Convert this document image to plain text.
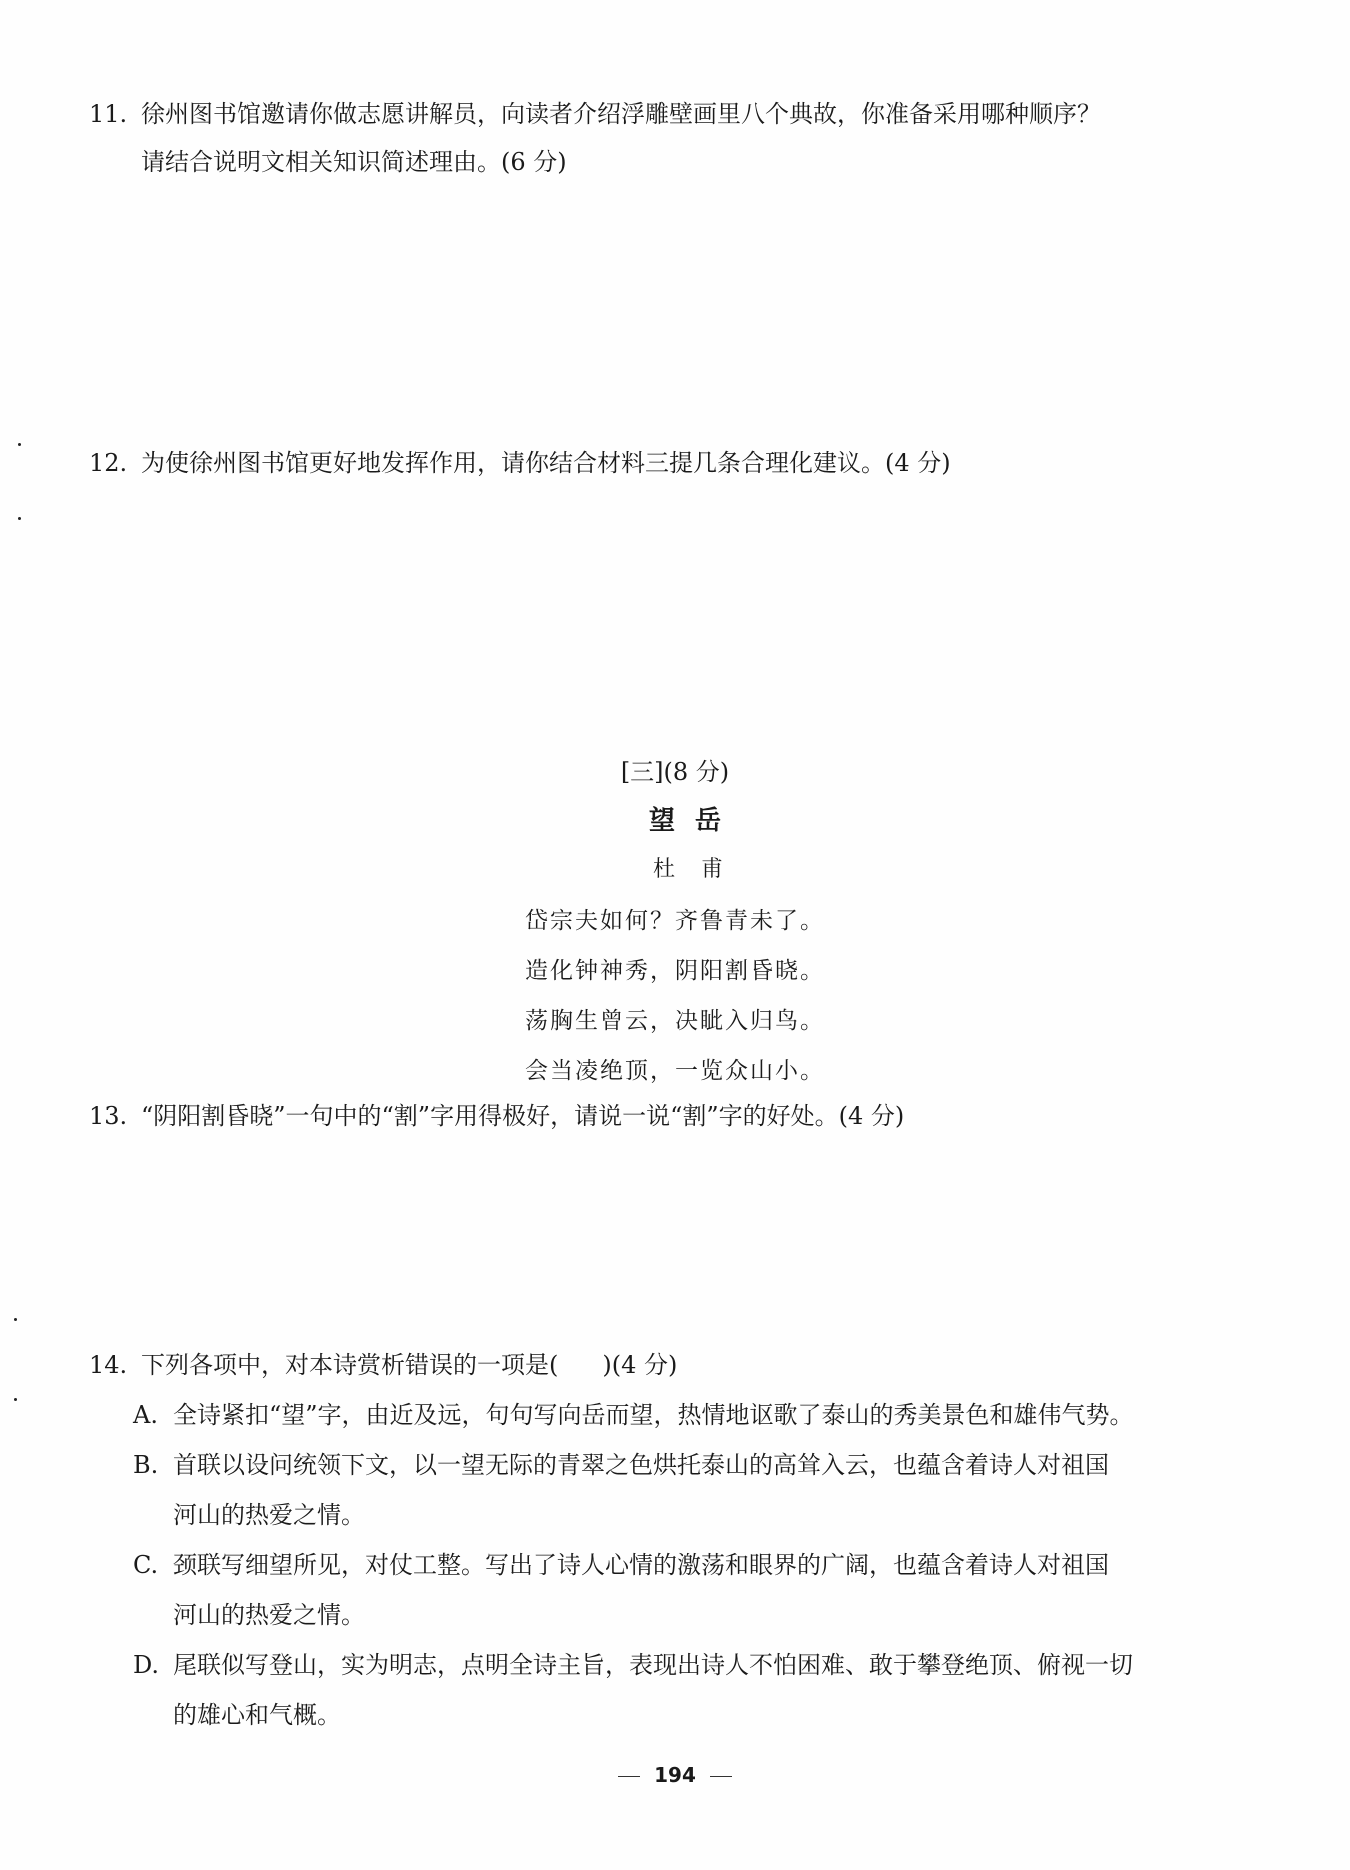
11. 徐州图书馆邀请你做志愿讲解员，向读者介绍浮雕壁画里八个典故，你准备采用哪种顺序？
请结合说明文相关知识简述理由。(6 分)
12. 为使徐州图书馆更好地发挥作用，请你结合材料三提几条合理化建议。(4 分)
[三](8 分)
望岳
杜甫
岱宗夫如何？齐鲁青未了。
造化钟神秀，阴阳割昏晓。
荡胸生曾云，决眦入归鸟。
会当凌绝顶，一览众山小。
13. “阴阳割昏晓”一句中的“割”字用得极好，请说一说“割”字的好处。(4 分)
14. 下列各项中，对本诗赏析错误的一项是( )(4 分)
A. 全诗紧扣“望”字，由近及远，句句写向岳而望，热情地讴歌了泰山的秀美景色和雄伟气势。
B. 首联以设问统领下文，以一望无际的青翠之色烘托泰山的高耸入云，也蕴含着诗人对祖国
河山的热爱之情。
C. 颈联写细望所见，对仗工整。写出了诗人心情的激荡和眼界的广阔，也蕴含着诗人对祖国
河山的热爱之情。
D. 尾联似写登山，实为明志，点明全诗主旨，表现出诗人不怕困难、敢于攀登绝顶、俯视一切
的雄心和气概。
194
